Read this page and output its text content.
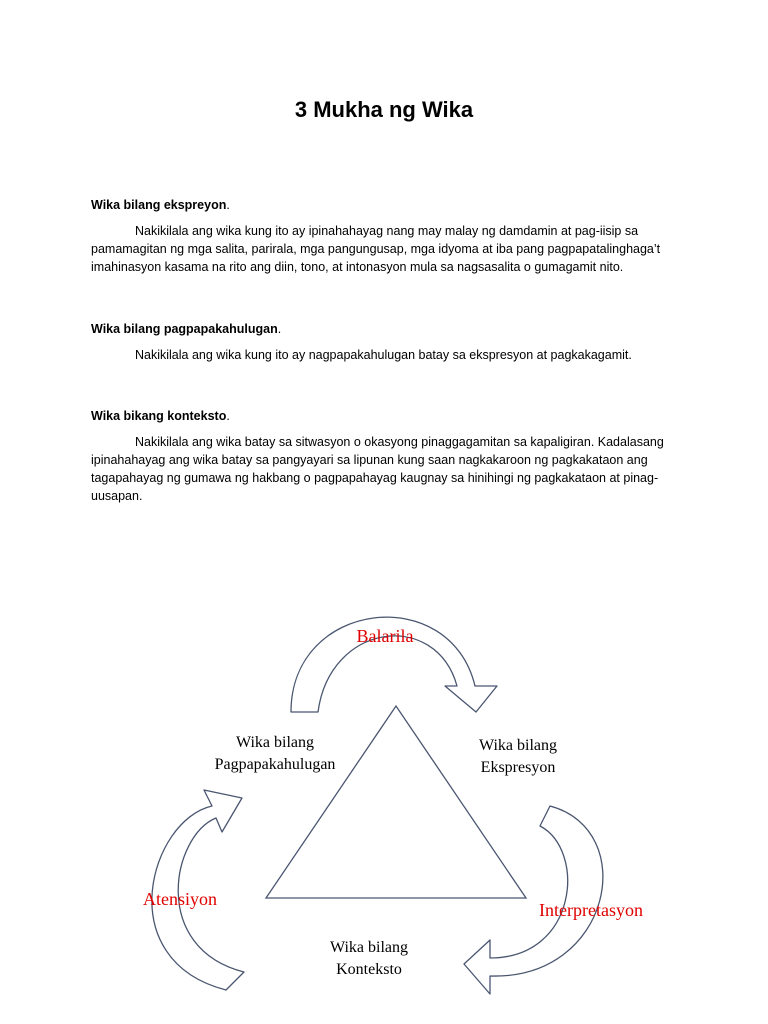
3 Mukha ng Wika
Wika bilang ekspreyon.
Nakikilala ang wika kung ito ay ipinahahayag nang may malay ng damdamin at pag-iisip sa pamamagitan ng mga salita, parirala, mga pangungusap, mga idyoma at iba pang pagpapatalinghaga’t imahinasyon kasama na rito ang diin, tono, at intonasyon mula sa nagsasalita o gumagamit nito.
Wika bilang pagpapakahulugan.
Nakikilala ang wika kung ito ay nagpapakahulugan batay sa ekspresyon at pagkakagamit.
Wika bikang konteksto.
Nakikilala ang wika batay sa sitwasyon o okasyong pinaggagamitan sa kapaligiran. Kadalasang ipinahahayag ang wika batay sa pangyayari sa lipunan kung saan nagkakaroon ng pagkakataon ang tagapahayag ng gumawa ng hakbang o pagpapahayag kaugnay sa hinihingi ng pagkakataon at pinag-uusapan.
Balarila
Atensiyon
Interpretasyon
Wika bilang
Pagpapakahulugan
Wika bilang
Ekspresyon
Wika bilang
Konteksto
